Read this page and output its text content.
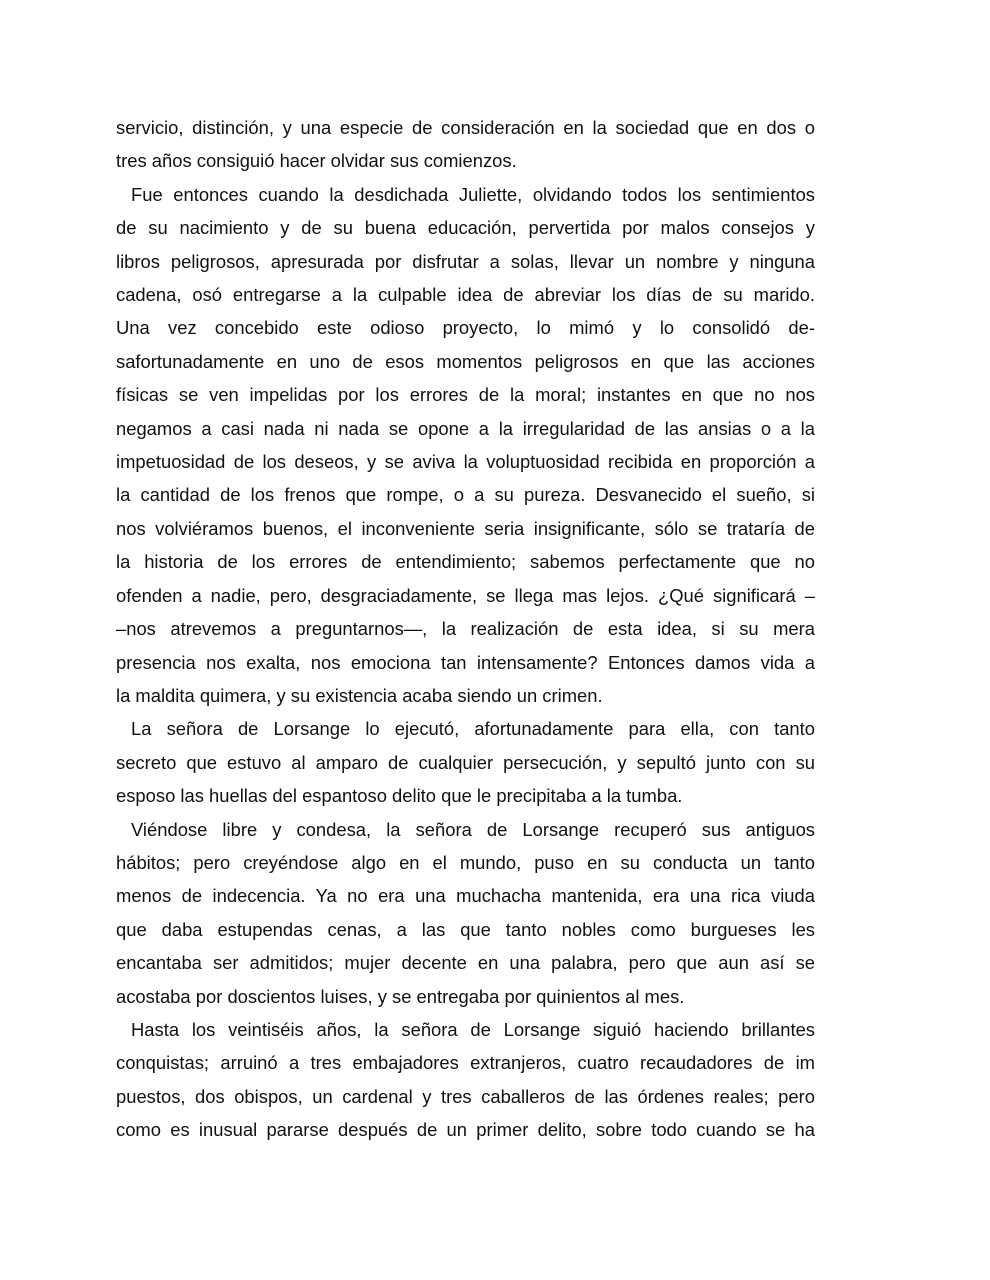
servicio, distinción, y una especie de consideración en la sociedad que en dos o
tres años consiguió hacer olvidar sus comienzos.

Fue entonces cuando la desdichada Juliette, olvidando todos los sentimientos
de su nacimiento y de su buena educación, pervertida por malos consejos y
libros peligrosos, apresurada por disfrutar a solas, llevar un nombre y ninguna
cadena, osó entregarse a la culpable idea de abreviar los días de su marido.
Una vez concebido este odioso proyecto, lo mimó y lo consolidó de-
safortunadamente en uno de esos momentos peligrosos en que las acciones
físicas se ven impelidas por los errores de la moral; instantes en que no nos
negamos a casi nada ni nada se opone a la irregularidad de las ansias o a la
impetuosidad de los deseos, y se aviva la voluptuosidad recibida en proporción a
la cantidad de los frenos que rompe, o a su pureza. Desvanecido el sueño, si
nos volviéramos buenos, el inconveniente seria insignificante, sólo se trataría de
la historia de los errores de entendimiento; sabemos perfectamente que no
ofenden a nadie, pero, desgraciadamente, se llega mas lejos. ¿Qué significará –
–nos atrevemos a preguntarnos—, la realización de esta idea, si su mera
presencia nos exalta, nos emociona tan intensamente? Entonces damos vida a
la maldita quimera, y su existencia acaba siendo un crimen.

La señora de Lorsange lo ejecutó, afortunadamente para ella, con tanto
secreto que estuvo al amparo de cualquier persecución, y sepultó junto con su
esposo las huellas del espantoso delito que le precipitaba a la tumba.

Viéndose libre y condesa, la señora de Lorsange recuperó sus antiguos
hábitos; pero creyéndose algo en el mundo, puso en su conducta un tanto
menos de indecencia. Ya no era una muchacha mantenida, era una rica viuda
que daba estupendas cenas, a las que tanto nobles como burgueses les
encantaba ser admitidos; mujer decente en una palabra, pero que aun así se
acostaba por doscientos luises, y se entregaba por quinientos al mes.

Hasta los veintiséis años, la señora de Lorsange siguió haciendo brillantes
conquistas; arruinó a tres embajadores extranjeros, cuatro recaudadores de im
puestos, dos obispos, un cardenal y tres caballeros de las órdenes reales; pero
como es inusual pararse después de un primer delito, sobre todo cuando se ha
